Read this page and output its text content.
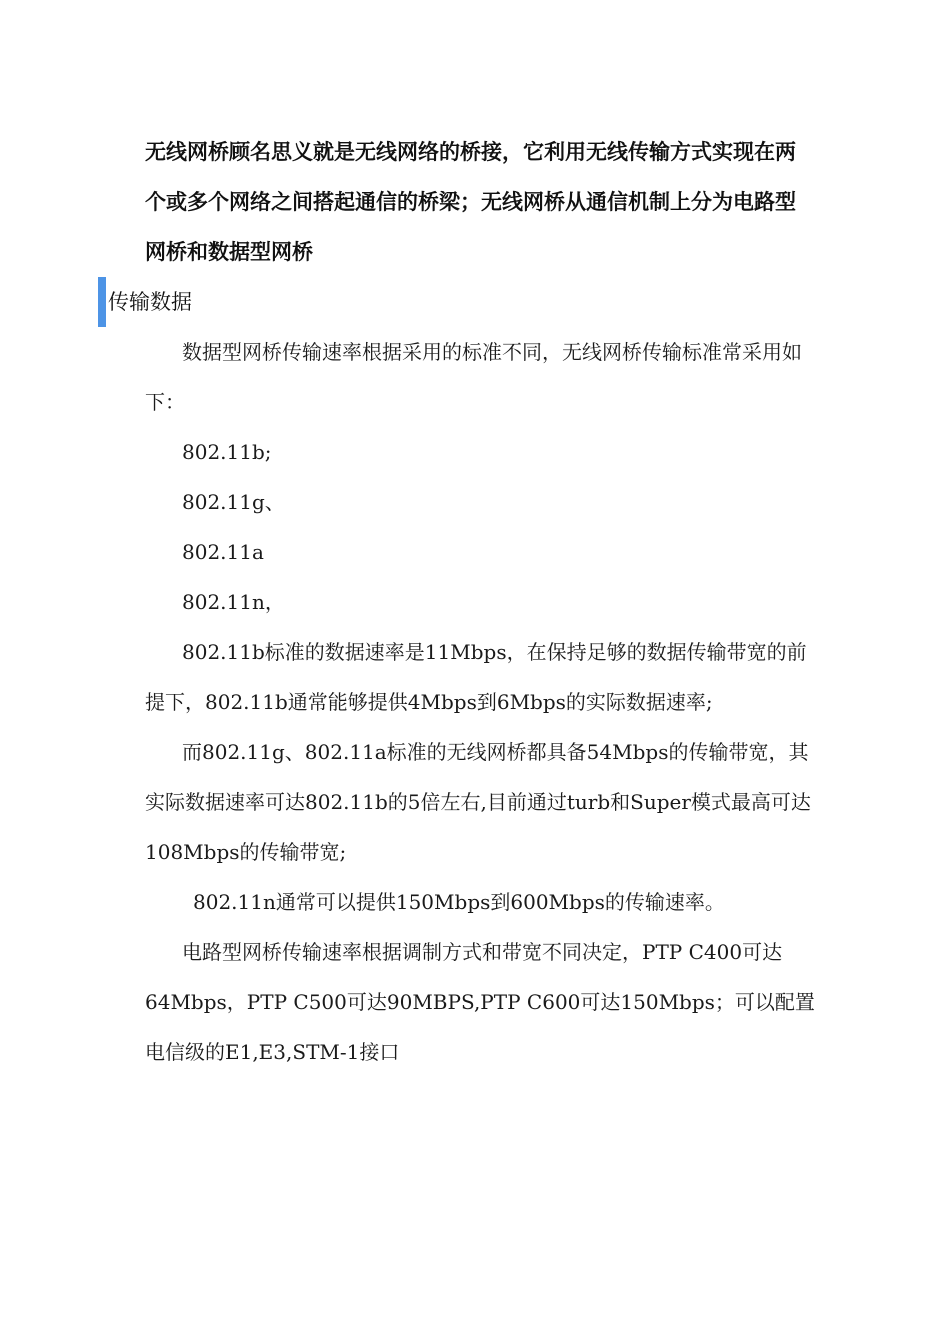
无线网桥顾名思义就是无线网络的桥接，它利用无线传输方式实现在两个或多个网络之间搭起通信的桥梁；无线网桥从通信机制上分为电路型网桥和数据型网桥

传输数据

数据型网桥传输速率根据采用的标准不同，无线网桥传输标准常采用如下：

802.11b;

802.11g、

802.11a

802.11n，

802.11b标准的数据速率是11Mbps，在保持足够的数据传输带宽的前提下，802.11b通常能够提供4Mbps到6Mbps的实际数据速率;

而802.11g、802.11a标准的无线网桥都具备54Mbps的传输带宽，其实际数据速率可达802.11b的5倍左右,目前通过turb和Super模式最高可达108Mbps的传输带宽;

802.11n通常可以提供150Mbps到600Mbps的传输速率。

电路型网桥传输速率根据调制方式和带宽不同决定，PTP C400可达64Mbps，PTP C500可达90MBPS,PTP C600可达150Mbps；可以配置电信级的E1,E3,STM-1接口
